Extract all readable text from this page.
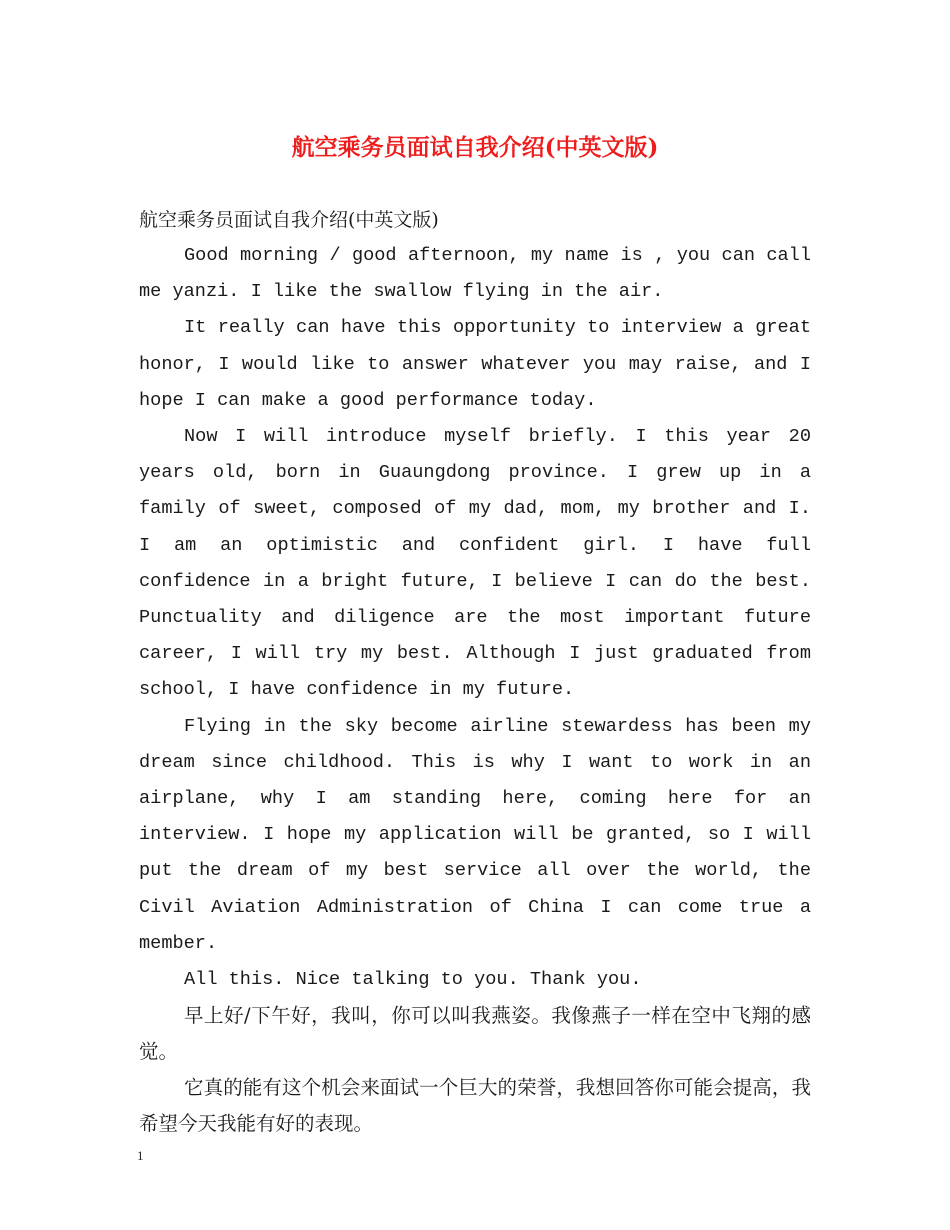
航空乘务员面试自我介绍(中英文版)

航空乘务员面试自我介绍(中英文版)

Good morning / good afternoon, my name is , you can call me yanzi. I like the swallow flying in the air.

It really can have this opportunity to interview a great honor, I would like to answer whatever you may raise, and I hope I can make a good performance today.

Now I will introduce myself briefly. I this year 20 years old, born in Guaungdong province. I grew up in a family of sweet, composed of my dad, mom, my brother and I. I am an optimistic and confident girl. I have full confidence in a bright future, I believe I can do the best. Punctuality and diligence are the most important future career, I will try my best. Although I just graduated from school, I have confidence in my future.

Flying in the sky become airline stewardess has been my dream since childhood. This is why I want to work in an airplane, why I am standing here, coming here for an interview. I hope my application will be granted, so I will put the dream of my best service all over the world, the Civil Aviation Administration of China I can come true a member.

All this. Nice talking to you. Thank you.

早上好/下午好，我叫，你可以叫我燕姿。我像燕子一样在空中飞翔的感觉。

它真的能有这个机会来面试一个巨大的荣誉，我想回答你可能会提高，我希望今天我能有好的表现。

1
